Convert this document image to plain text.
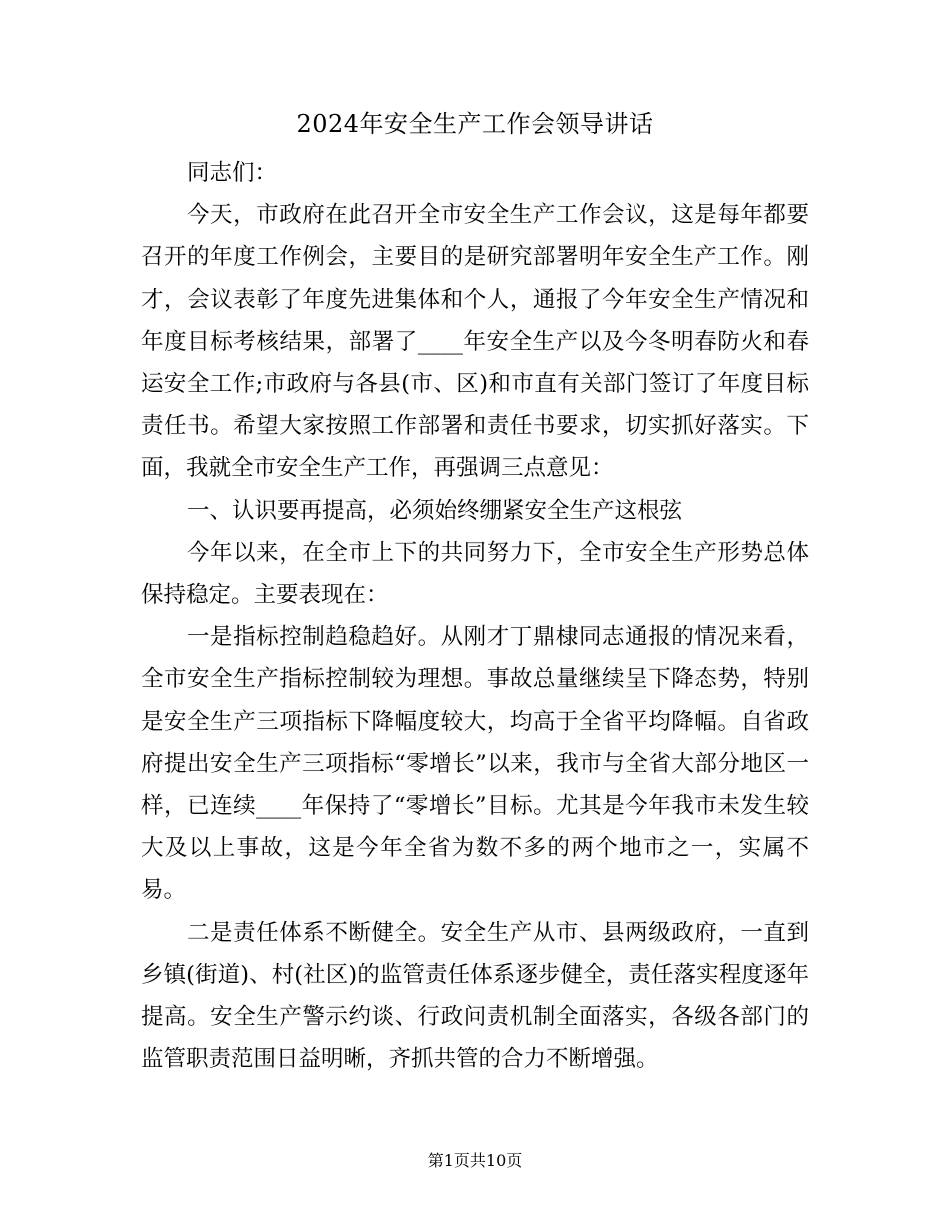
2024年安全生产工作会领导讲话

同志们：

今天，市政府在此召开全市安全生产工作会议，这是每年都要召开的年度工作例会，主要目的是研究部署明年安全生产工作。刚才，会议表彰了年度先进集体和个人，通报了今年安全生产情况和年度目标考核结果，部署了____年安全生产以及今冬明春防火和春运安全工作;市政府与各县(市、区)和市直有关部门签订了年度目标责任书。希望大家按照工作部署和责任书要求，切实抓好落实。下面，我就全市安全生产工作，再强调三点意见：

一、认识要再提高，必须始终绷紧安全生产这根弦

今年以来，在全市上下的共同努力下，全市安全生产形势总体保持稳定。主要表现在：

一是指标控制趋稳趋好。从刚才丁鼎棣同志通报的情况来看，全市安全生产指标控制较为理想。事故总量继续呈下降态势，特别是安全生产三项指标下降幅度较大，均高于全省平均降幅。自省政府提出安全生产三项指标“零增长”以来，我市与全省大部分地区一样，已连续____年保持了“零增长”目标。尤其是今年我市未发生较大及以上事故，这是今年全省为数不多的两个地市之一，实属不易。

二是责任体系不断健全。安全生产从市、县两级政府，一直到乡镇(街道)、村(社区)的监管责任体系逐步健全，责任落实程度逐年提高。安全生产警示约谈、行政问责机制全面落实，各级各部门的监管职责范围日益明晰，齐抓共管的合力不断增强。

第1页共10页
